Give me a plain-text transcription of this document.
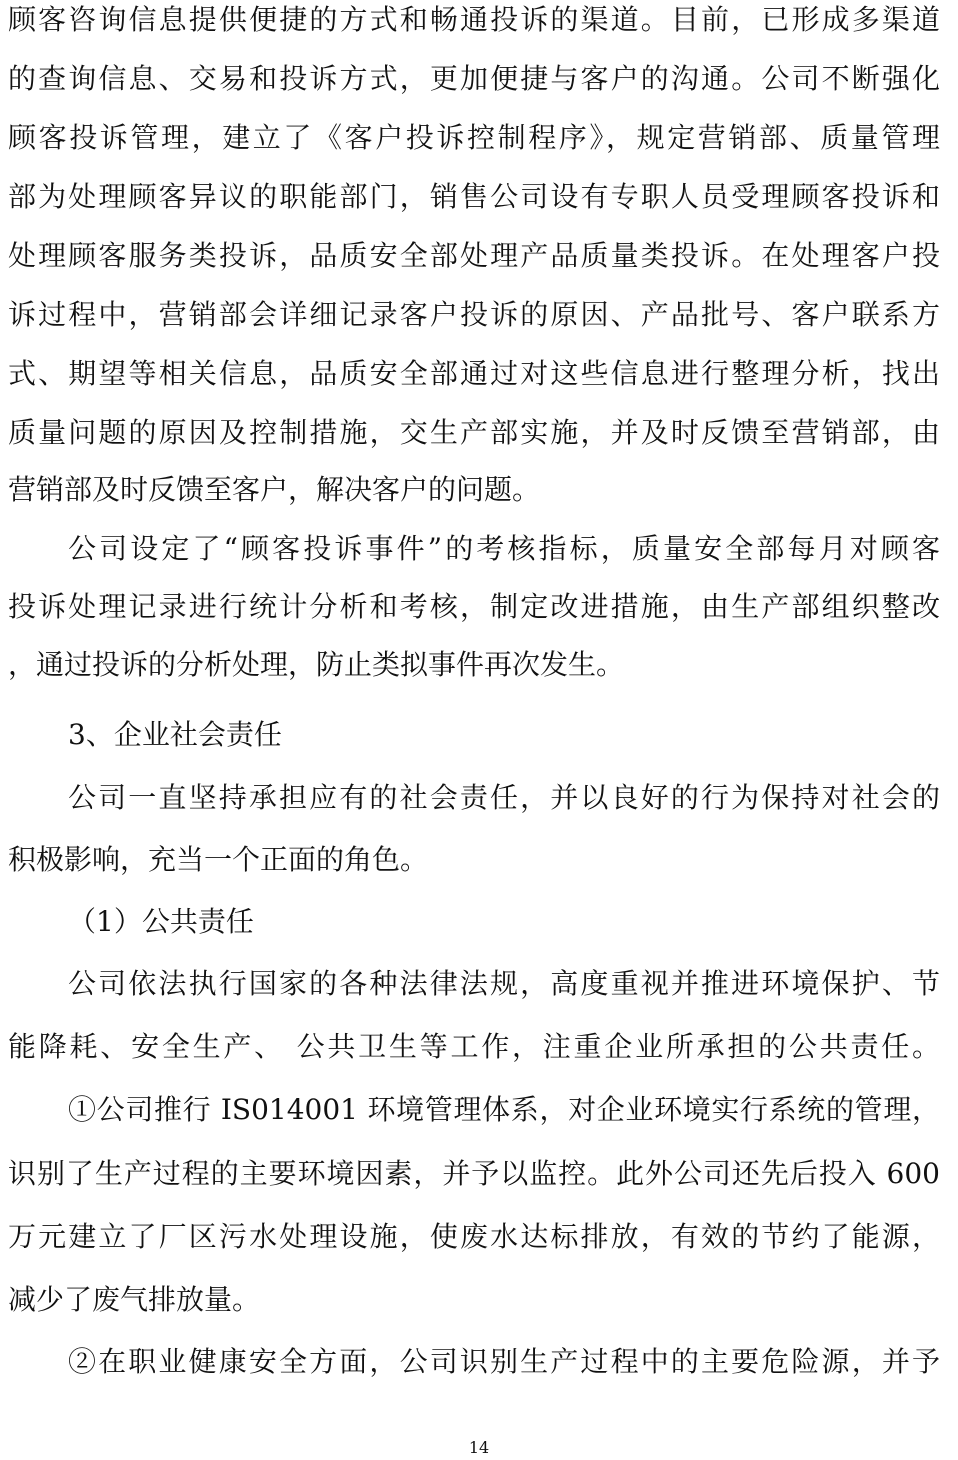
顾客咨询信息提供便捷的方式和畅通投诉的渠道。目前，已形成多渠道
的查询信息、交易和投诉方式，更加便捷与客户的沟通。公司不断强化
顾客投诉管理，建立了《客户投诉控制程序》，规定营销部、质量管理
部为处理顾客异议的职能部门，销售公司设有专职人员受理顾客投诉和
处理顾客服务类投诉，品质安全部处理产品质量类投诉。在处理客户投
诉过程中，营销部会详细记录客户投诉的原因、产品批号、客户联系方
式、期望等相关信息，品质安全部通过对这些信息进行整理分析，找出
质量问题的原因及控制措施，交生产部实施，并及时反馈至营销部，由
营销部及时反馈至客户，解决客户的问题。
公司设定了“顾客投诉事件”的考核指标，质量安全部每月对顾客
投诉处理记录进行统计分析和考核，制定改进措施，由生产部组织整改
，通过投诉的分析处理，防止类拟事件再次发生。
3、企业社会责任
公司一直坚持承担应有的社会责任，并以良好的行为保持对社会的
积极影响，充当一个正面的角色。
（1）公共责任
公司依法执行国家的各种法律法规，高度重视并推进环境保护、节
能降耗、安全生产、 公共卫生等工作，注重企业所承担的公共责任。
①公司推行 IS014001 环境管理体系，对企业环境实行系统的管理，
识别了生产过程的主要环境因素，并予以监控。此外公司还先后投入 600
万元建立了厂区污水处理设施，使废水达标排放，有效的节约了能源，
减少了废气排放量。
②在职业健康安全方面，公司识别生产过程中的主要危险源，并予
14
